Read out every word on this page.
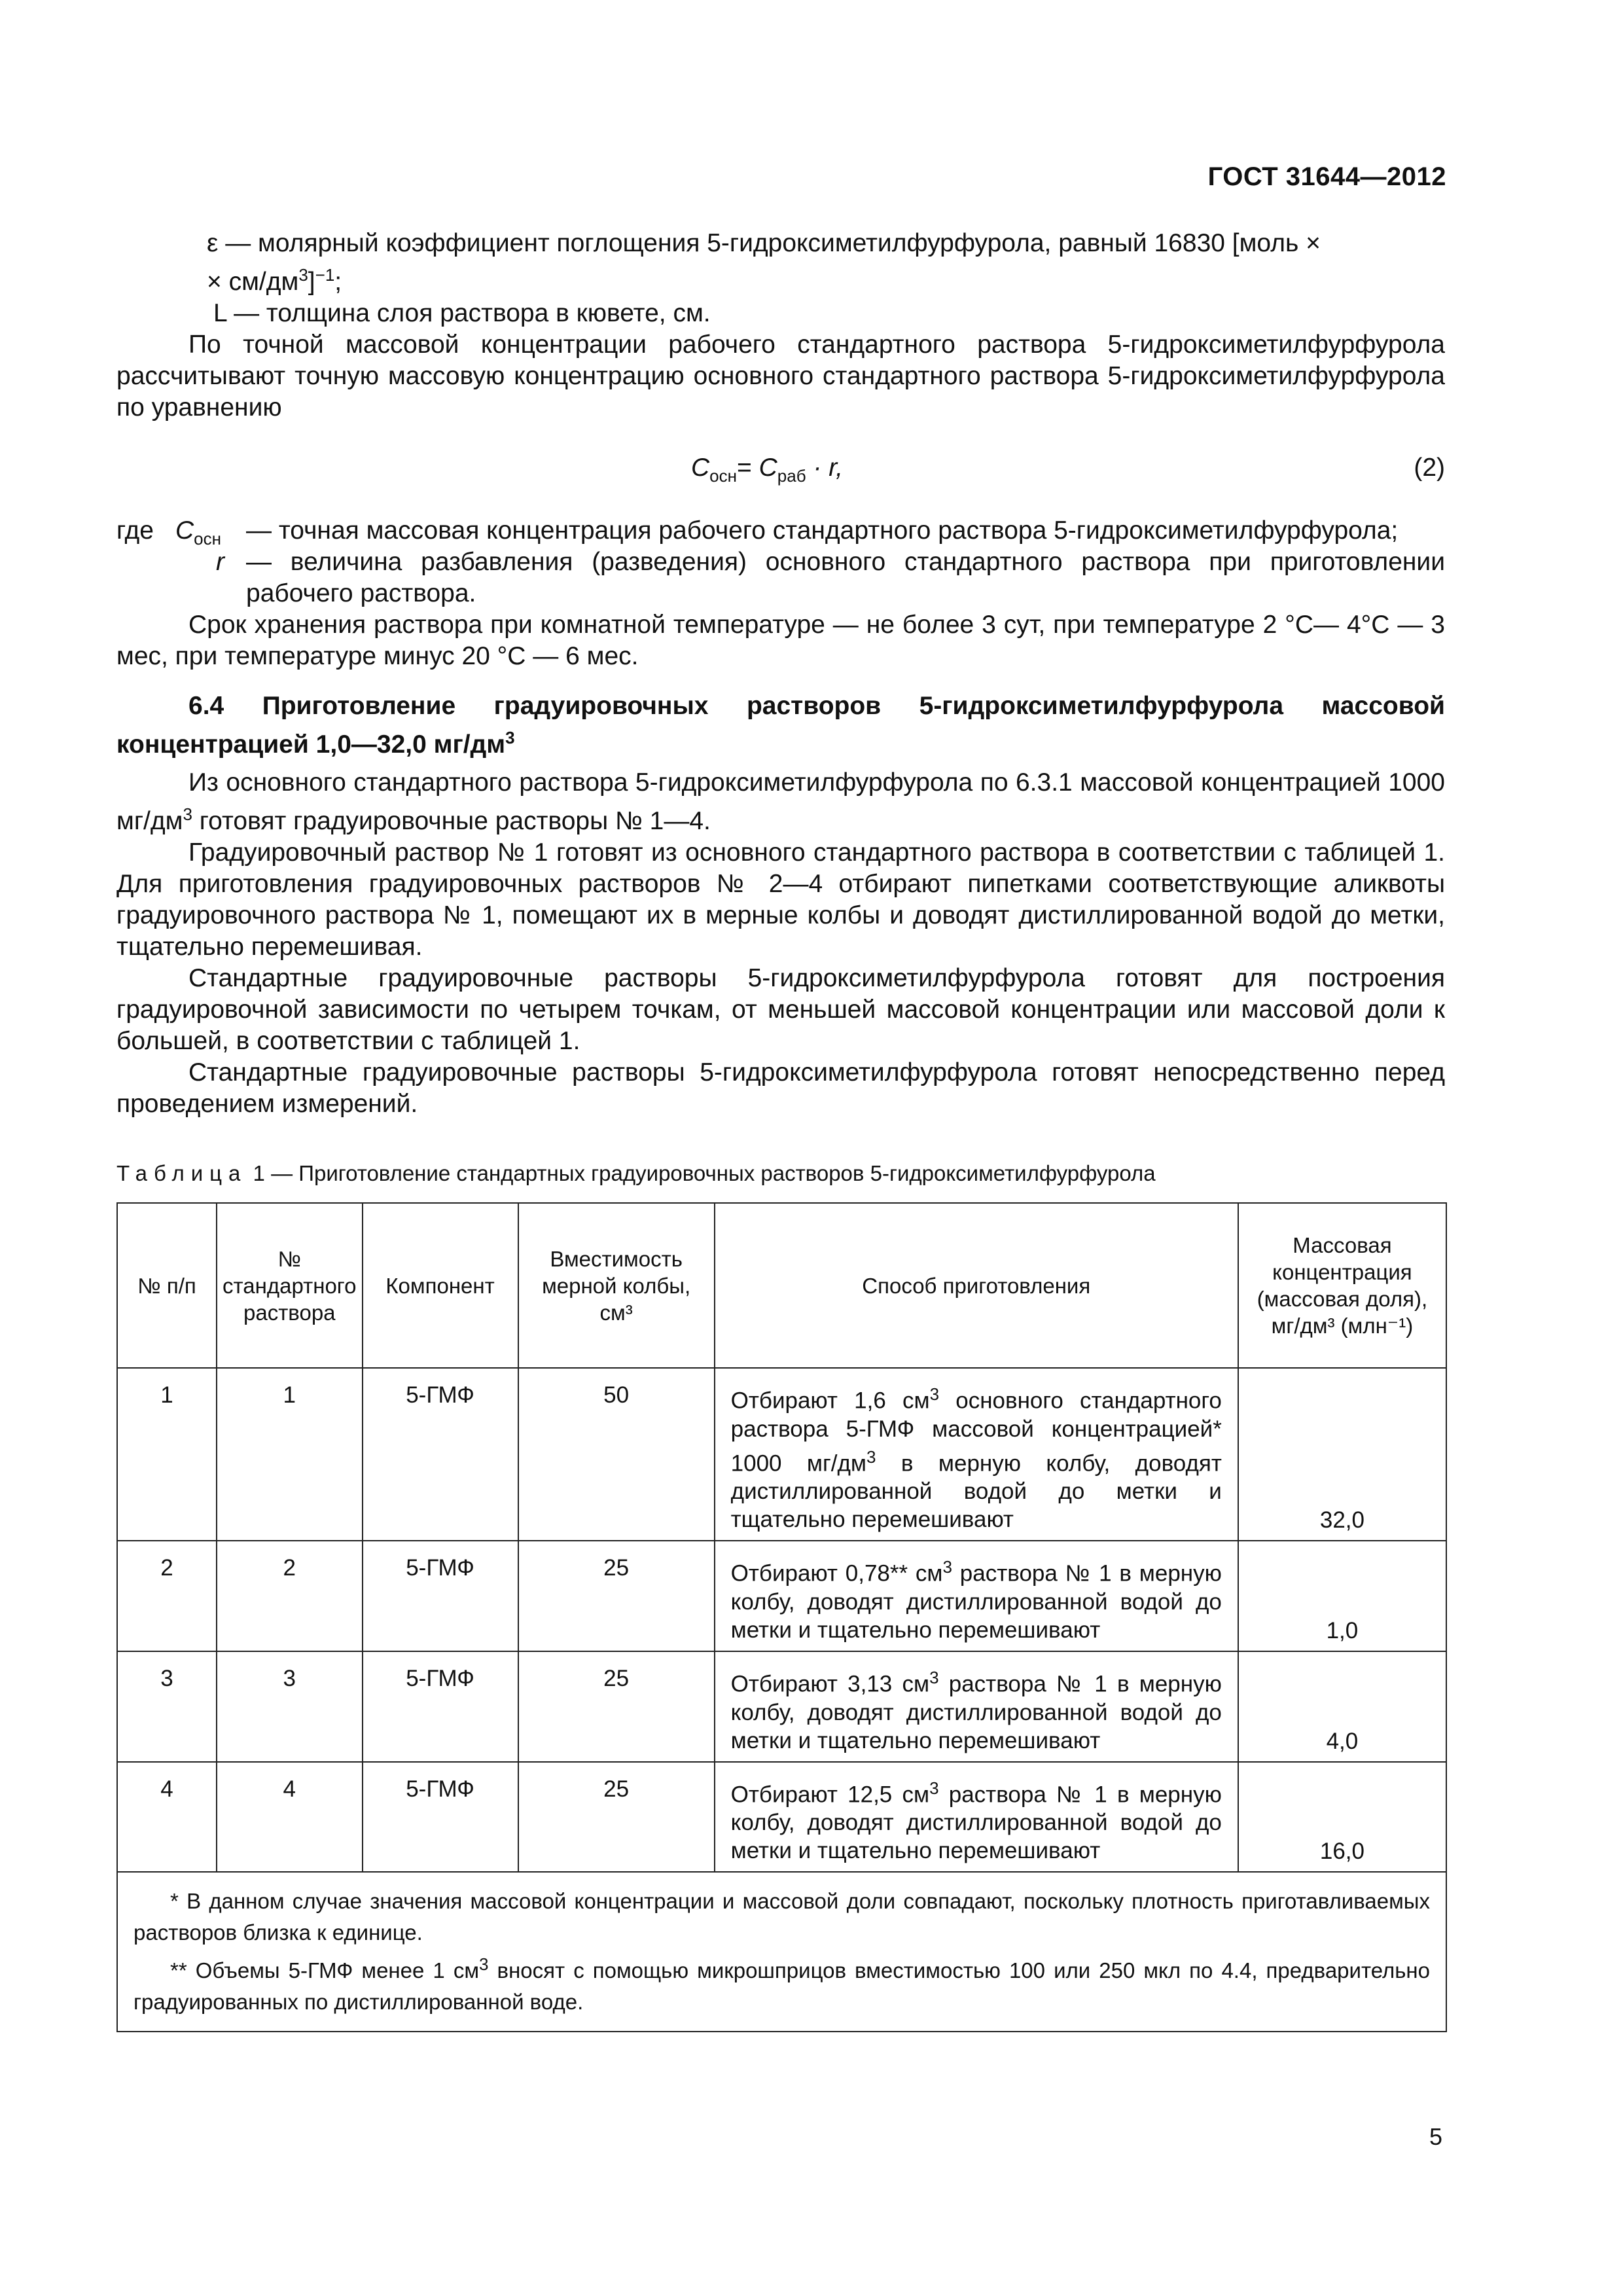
ГОСТ 31644—2012

ε — молярный коэффициент поглощения 5-гидроксиметилфурфурола, равный 16830 [моль ×
× $см/дм^3]^{-1}$;

L — толщина слоя раствора в кювете, см.

По точной массовой концентрации рабочего стандартного раствора 5-гидроксиметилфурфурола рассчитывают точную массовую концентрацию основного стандартного раствора 5-гидроксиметилфурфурола по уравнению

$C_{осн}= C_{раб} \cdot r$,	(2)
где $C_{осн}$ — точная массовая концентрация рабочего стандартного раствора 5-гидроксиметилфурфурола;
r — величина разбавления (разведения) основного стандартного раствора при приготовлении рабочего раствора.

Срок хранения раствора при комнатной температуре — не более 3 сут, при температуре 2 °С— 4°С — 3 мес, при температуре минус 20 °С — 6 мес.

6.4 Приготовление градуировочных растворов 5-гидроксиметилфурфурола массовой концентрацией 1,0—32,0 $мг/дм^3$

Из основного стандартного раствора 5-гидроксиметилфурфурола по 6.3.1 массовой концентрацией 1000 $мг/дм^3$ готовят градуировочные растворы № 1—4.

Градуировочный раствор № 1 готовят из основного стандартного раствора в соответствии с таблицей 1. Для приготовления градуировочных растворов № 2—4 отбирают пипетками соответствующие аликвоты градуировочного раствора № 1, помещают их в мерные колбы и доводят дистиллированной водой до метки, тщательно перемешивая.

Стандартные градуировочные растворы 5-гидроксиметилфурфурола готовят для построения градуировочной зависимости по четырем точкам, от меньшей массовой концентрации или массовой доли к большей, в соответствии с таблицей 1.

Стандартные градуировочные растворы 5-гидроксиметилфурфурола готовят непосредственно перед проведением измерений.

Таблица 1 — Приготовление стандартных градуировочных растворов 5-гидроксиметилфурфурола
№ п/п	№ стандартного раствора	Компонент	Вместимость мерной колбы, см³	Способ приготовления	Массовая концентрация (массовая доля), мг/дм³ (млн⁻¹)
1	1	5-ГМФ	50	Отбирают 1,6 $см^3$ основного стандартного раствора 5-ГМФ массовой концентрацией* 1000 $мг/дм^3$ в мерную колбу, доводят дистиллированной водой до метки и тщательно перемешивают	32,0
2	2	5-ГМФ	25	Отбирают 0,78** $см^3$ раствора № 1 в мерную колбу, доводят дистиллированной водой до метки и тщательно перемешивают	1,0
3	3	5-ГМФ	25	Отбирают 3,13 $см^3$ раствора № 1 в мерную колбу, доводят дистиллированной водой до метки и тщательно перемешивают	4,0
4	4	5-ГМФ	25	Отбирают 12,5 $см^3$ раствора № 1 в мерную колбу, доводят дистиллированной водой до метки и тщательно перемешивают	16,0

* В данном случае значения массовой концентрации и массовой доли совпадают, поскольку плотность приготавливаемых растворов близка к единице.

** Объемы 5-ГМФ менее 1 $см^3$ вносят с помощью микрошприцов вместимостью 100 или 250 мкл по 4.4, предварительно градуированных по дистиллированной воде.					

5
